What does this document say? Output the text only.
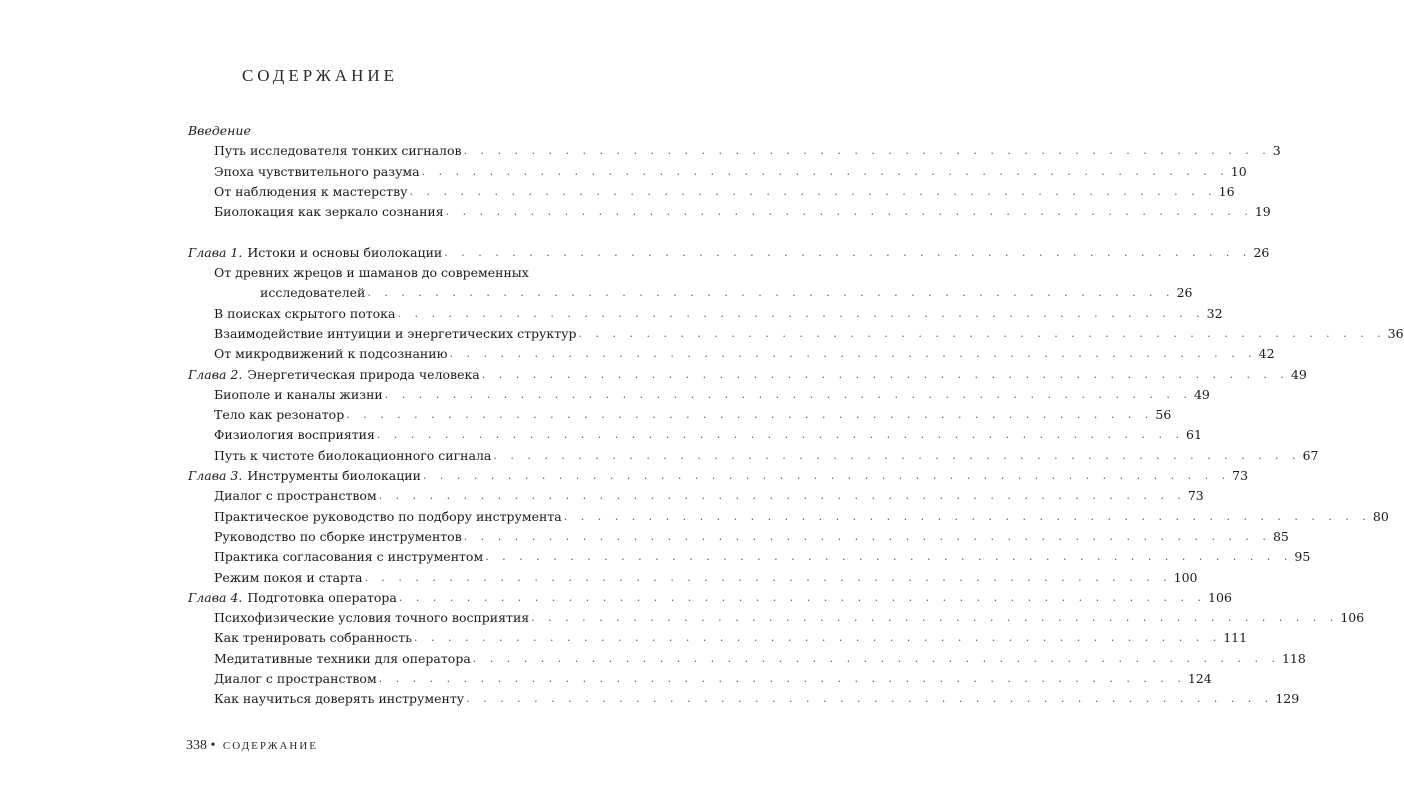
СОДЕРЖАНИЕ
Введение
Путь исследователя тонких сигналов . . . . . . . . . . . . . . . . . . . . . . . . . . . . . . . . . . . . . . . . . . . . . . . . 3
Эпоха чувствительного разума . . . . . . . . . . . . . . . . . . . . . . . . . . . . . . . . . . . . . . . . . . . . . . . . 10
От наблюдения к мастерству . . . . . . . . . . . . . . . . . . . . . . . . . . . . . . . . . . . . . . . . . . . . . . . . 16
Биолокация как зеркало сознания . . . . . . . . . . . . . . . . . . . . . . . . . . . . . . . . . . . . . . . . . . . . . . . . 19
Глава 1. Истоки и основы биолокации . . . . . . . . . . . . . . . . . . . . . . . . . . . . . . . . . . . . . . . . . . . . . . . . 26
От древних жрецов и шаманов до современных
исследователей . . . . . . . . . . . . . . . . . . . . . . . . . . . . . . . . . . . . . . . . . . . . . . . . 26
В поисках скрытого потока . . . . . . . . . . . . . . . . . . . . . . . . . . . . . . . . . . . . . . . . . . . . . . . . 32
Взаимодействие интуиции и энергетических структур . . . . . . . . . . . . . . . . . . . . . . . . . . . . . . . . . . . . . . . . . . . . . . . . 36
От микродвижений к подсознанию . . . . . . . . . . . . . . . . . . . . . . . . . . . . . . . . . . . . . . . . . . . . . . . . 42
Глава 2. Энергетическая природа человека . . . . . . . . . . . . . . . . . . . . . . . . . . . . . . . . . . . . . . . . . . . . . . . . 49
Биополе и каналы жизни . . . . . . . . . . . . . . . . . . . . . . . . . . . . . . . . . . . . . . . . . . . . . . . . 49
Тело как резонатор . . . . . . . . . . . . . . . . . . . . . . . . . . . . . . . . . . . . . . . . . . . . . . . . 56
Физиология восприятия . . . . . . . . . . . . . . . . . . . . . . . . . . . . . . . . . . . . . . . . . . . . . . . . 61
Путь к чистоте биолокационного сигнала . . . . . . . . . . . . . . . . . . . . . . . . . . . . . . . . . . . . . . . . . . . . . . . . 67
Глава 3. Инструменты биолокации . . . . . . . . . . . . . . . . . . . . . . . . . . . . . . . . . . . . . . . . . . . . . . . . 73
Диалог с пространством . . . . . . . . . . . . . . . . . . . . . . . . . . . . . . . . . . . . . . . . . . . . . . . . 73
Практическое руководство по подбору инструмента . . . . . . . . . . . . . . . . . . . . . . . . . . . . . . . . . . . . . . . . . . . . . . . . 80
Руководство по сборке инструментов . . . . . . . . . . . . . . . . . . . . . . . . . . . . . . . . . . . . . . . . . . . . . . . . 85
Практика согласования с инструментом . . . . . . . . . . . . . . . . . . . . . . . . . . . . . . . . . . . . . . . . . . . . . . . . 95
Режим покоя и старта . . . . . . . . . . . . . . . . . . . . . . . . . . . . . . . . . . . . . . . . . . . . . . . . 100
Глава 4. Подготовка оператора . . . . . . . . . . . . . . . . . . . . . . . . . . . . . . . . . . . . . . . . . . . . . . . . 106
Психофизические условия точного восприятия . . . . . . . . . . . . . . . . . . . . . . . . . . . . . . . . . . . . . . . . . . . . . . . . 106
Как тренировать собранность . . . . . . . . . . . . . . . . . . . . . . . . . . . . . . . . . . . . . . . . . . . . . . . . 111
Медитативные техники для оператора . . . . . . . . . . . . . . . . . . . . . . . . . . . . . . . . . . . . . . . . . . . . . . . . 118
Диалог с пространством . . . . . . . . . . . . . . . . . . . . . . . . . . . . . . . . . . . . . . . . . . . . . . . . 124
Как научиться доверять инструменту . . . . . . . . . . . . . . . . . . . . . . . . . . . . . . . . . . . . . . . . . . . . . . . . 129
338 • СОДЕРЖАНИЕ
